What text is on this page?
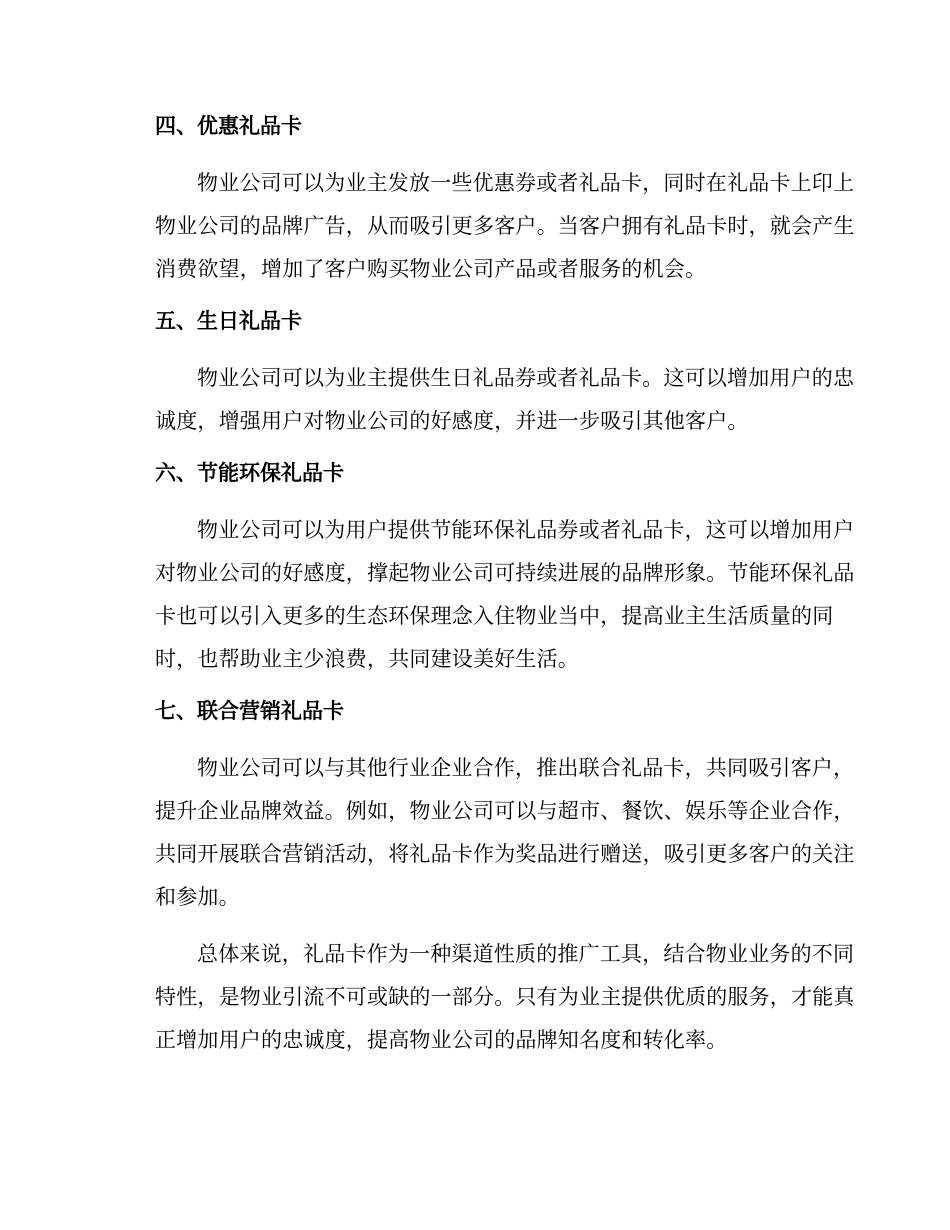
四、优惠礼品卡
物业公司可以为业主发放一些优惠券或者礼品卡，同时在礼品卡上印上
物业公司的品牌广告，从而吸引更多客户。当客户拥有礼品卡时，就会产生
消费欲望，增加了客户购买物业公司产品或者服务的机会。
五、生日礼品卡
物业公司可以为业主提供生日礼品券或者礼品卡。这可以增加用户的忠
诚度，增强用户对物业公司的好感度，并进一步吸引其他客户。
六、节能环保礼品卡
物业公司可以为用户提供节能环保礼品券或者礼品卡，这可以增加用户
对物业公司的好感度，撑起物业公司可持续进展的品牌形象。节能环保礼品
卡也可以引入更多的生态环保理念入住物业当中，提高业主生活质量的同
时，也帮助业主少浪费，共同建设美好生活。
七、联合营销礼品卡
物业公司可以与其他行业企业合作，推出联合礼品卡，共同吸引客户，
提升企业品牌效益。例如，物业公司可以与超市、餐饮、娱乐等企业合作，
共同开展联合营销活动，将礼品卡作为奖品进行赠送，吸引更多客户的关注
和参加。
总体来说，礼品卡作为一种渠道性质的推广工具，结合物业业务的不同
特性，是物业引流不可或缺的一部分。只有为业主提供优质的服务，才能真
正增加用户的忠诚度，提高物业公司的品牌知名度和转化率。
